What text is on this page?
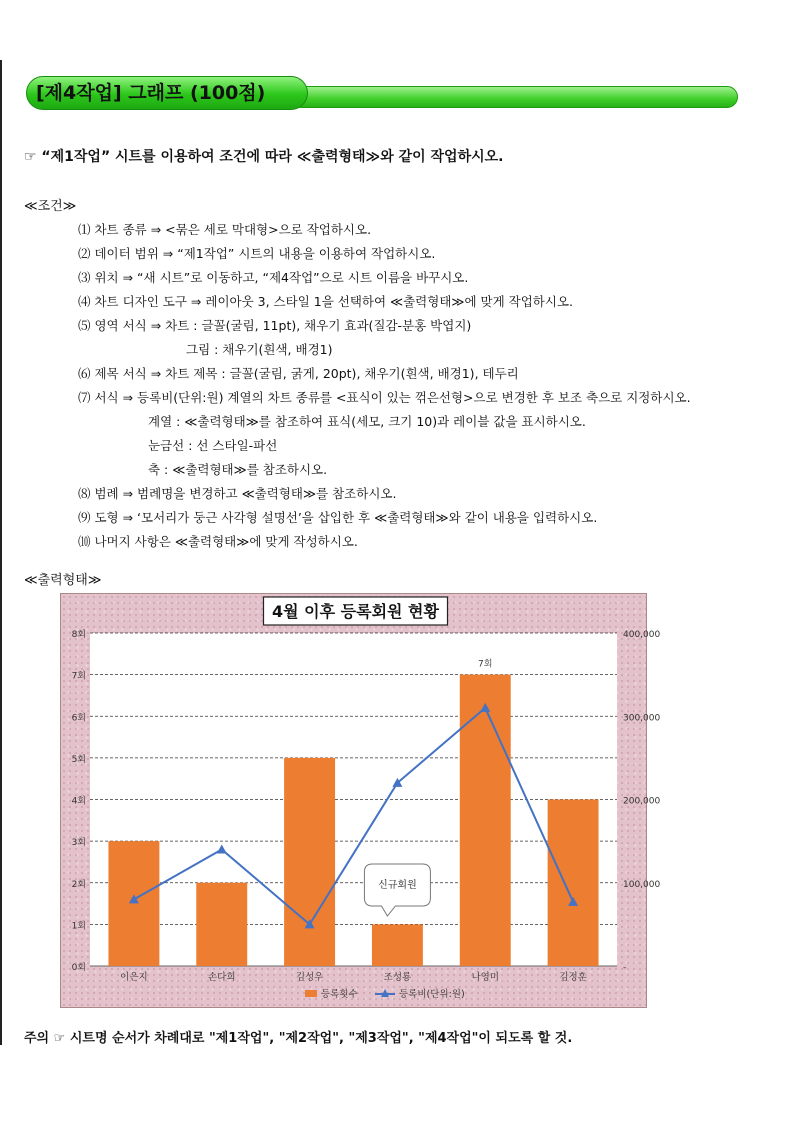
[제4작업] 그래프 (100점)
☞ “제1작업” 시트를 이용하여 조건에 따라 ≪출력형태≫와 같이 작업하시오.
≪조건≫
⑴ 차트 종류 ⇒ <묶은 세로 막대형>으로 작업하시오.
⑵ 데이터 범위 ⇒ “제1작업” 시트의 내용을 이용하여 작업하시오.
⑶ 위치 ⇒ “새 시트”로 이동하고, “제4작업”으로 시트 이름을 바꾸시오.
⑷ 차트 디자인 도구 ⇒ 레이아웃 3, 스타일 1을 선택하여 ≪출력형태≫에 맞게 작업하시오.
⑸ 영역 서식 ⇒ 차트 : 글꼴(굴림, 11pt), 채우기 효과(질감-분홍 박엽지)
그림 : 채우기(흰색, 배경1)
⑹ 제목 서식 ⇒ 차트 제목 : 글꼴(굴림, 굵게, 20pt), 채우기(흰색, 배경1), 테두리
⑺ 서식 ⇒ 등록비(단위:원) 계열의 차트 종류를 <표식이 있는 꺾은선형>으로 변경한 후 보조 축으로 지정하시오.
계열 : ≪출력형태≫를 참조하여 표식(세모, 크기 10)과 레이블 값을 표시하시오.
눈금선 : 선 스타일-파선
축 : ≪출력형태≫를 참조하시오.
⑻ 범례 ⇒ 범례명을 변경하고 ≪출력형태≫를 참조하시오.
⑼ 도형 ⇒ ‘모서리가 둥근 사각형 설명선’을 삽입한 후 ≪출력형태≫와 같이 내용을 입력하시오.
⑽ 나머지 사항은 ≪출력형태≫에 맞게 작성하시오.
≪출력형태≫
0회
1회
2회
3회
4회
5회
6회
7회
8회
-
100,000
200,000
300,000
400,000
이은지	손다희	김성우	조성룡	나영미	김정훈
7회
신규회원
4월 이후 등록회원 현황
등록횟수	등록비(단위:원)
주의 ☞ 시트명 순서가 차례대로 "제1작업", "제2작업", "제3작업", "제4작업"이 되도록 할 것.
